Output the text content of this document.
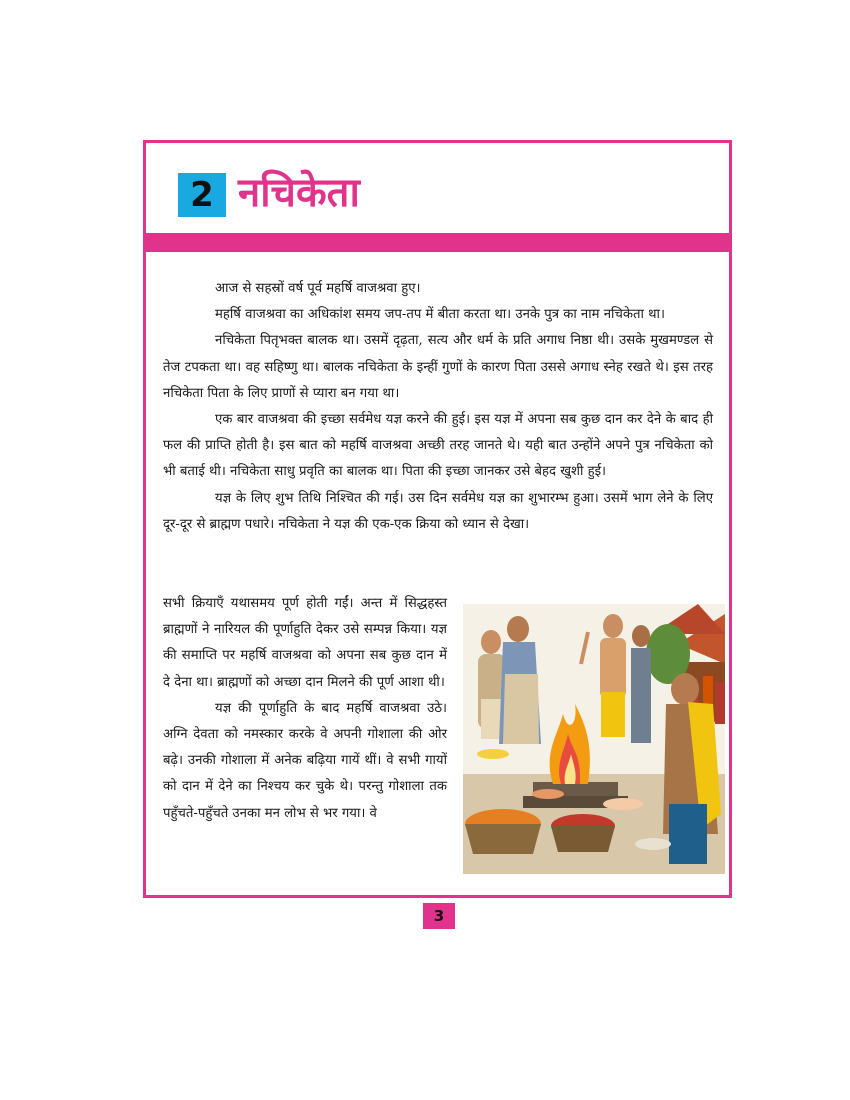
2 नचिकेता

आज से सहस्रों वर्ष पूर्व महर्षि वाजश्रवा हुए।

महर्षि वाजश्रवा का अधिकांश समय जप-तप में बीता करता था। उनके पुत्र का नाम नचिकेता था।

नचिकेता पितृभक्त बालक था। उसमें दृढ़ता, सत्य और धर्म के प्रति अगाध निष्ठा थी। उसके मुखमण्डल से तेज टपकता था। वह सहिष्णु था। बालक नचिकेता के इन्हीं गुणों के कारण पिता उससे अगाध स्नेह रखते थे। इस तरह नचिकेता पिता के लिए प्राणों से प्यारा बन गया था।

एक बार वाजश्रवा की इच्छा सर्वमेध यज्ञ करने की हुई। इस यज्ञ में अपना सब कुछ दान कर देने के बाद ही फल की प्राप्ति होती है। इस बात को महर्षि वाजश्रवा अच्छी तरह जानते थे। यही बात उन्होंने अपने पुत्र नचिकेता को भी बताई थी। नचिकेता साधु प्रवृति का बालक था। पिता की इच्छा जानकर उसे बेहद खुशी हुई।

यज्ञ के लिए शुभ तिथि निश्चित की गई। उस दिन सर्वमेध यज्ञ का शुभारम्भ हुआ। उसमें भाग लेने के लिए दूर-दूर से ब्राह्मण पधारे। नचिकेता ने यज्ञ की एक-एक क्रिया को ध्यान से देखा।

सभी क्रियाएँ यथासमय पूर्ण होती गईं। अन्त में सिद्धहस्त ब्राह्मणों ने नारियल की पूर्णाहुति देकर उसे सम्पन्न किया। यज्ञ की समाप्ति पर महर्षि वाजश्रवा को अपना सब कुछ दान में दे देना था। ब्राह्मणों को अच्छा दान मिलने की पूर्ण आशा थी।

यज्ञ की पूर्णाहुति के बाद महर्षि वाजश्रवा उठे। अग्नि देवता को नमस्कार करके वे अपनी गोशाला की ओर बढ़े। उनकी गोशाला में अनेक बढ़िया गायें थीं। वे सभी गायों को दान में देने का निश्चय कर चुके थे। परन्तु गोशाला तक पहुँचते-पहुँचते उनका मन लोभ से भर गया। वे

3
